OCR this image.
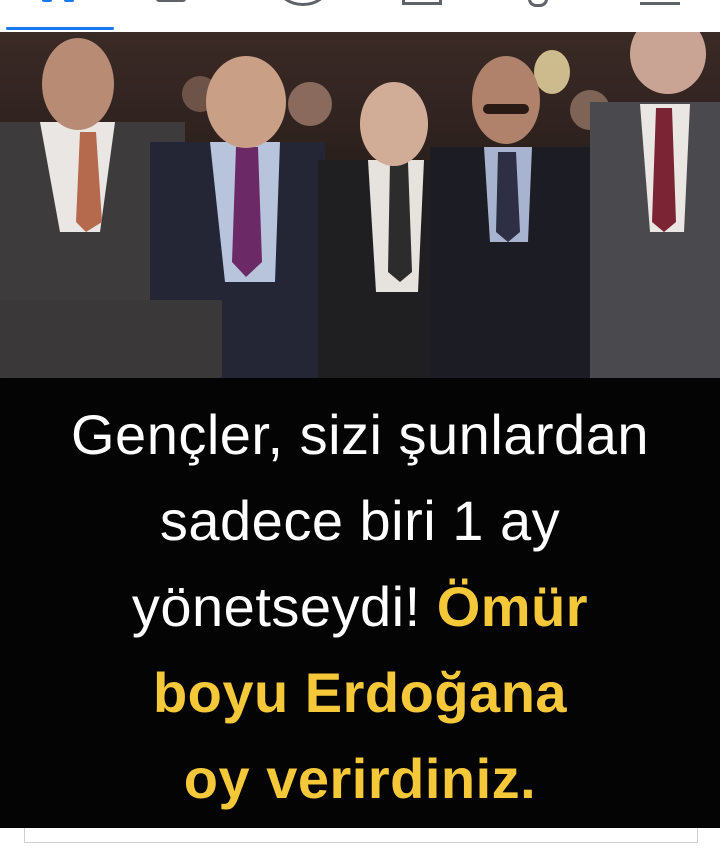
Gençler, sizi şunlardan
sadece biri 1 ay
yönetseydi! Ömür
boyu Erdoğana
oy verirdiniz.
